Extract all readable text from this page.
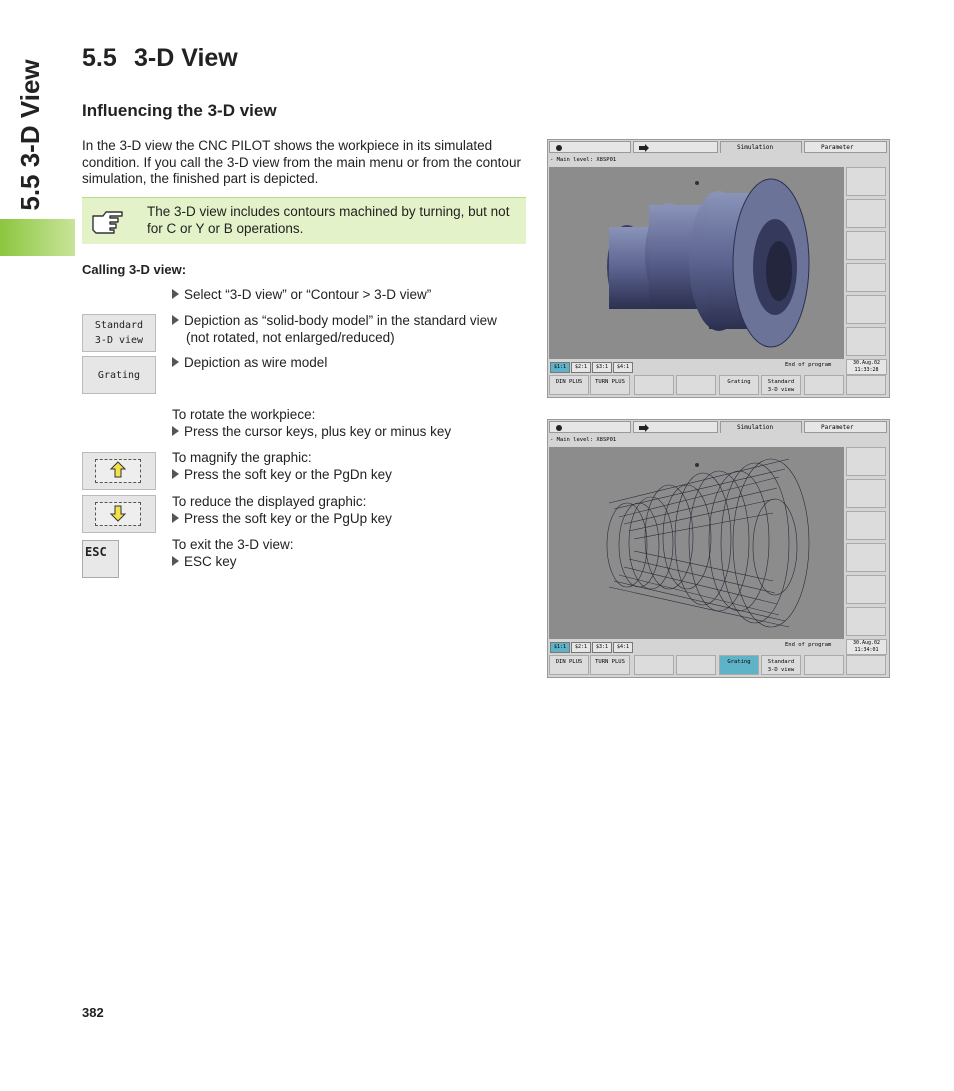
5.5 3-D View
5.5 3-D View
Influencing the 3-D view
In the 3-D view the CNC PILOT shows the workpiece in its simulated condition. If you call the 3-D view from the main menu or from the contour simulation, the finished part is depicted.
The 3-D view includes contours machined by turning, but not for C or Y or B operations.
Calling 3-D view:
Select “3-D view” or “Contour > 3-D view”
Standard
3-D view
Depiction as “solid-body model” in the standard view
(not rotated, not enlarged/reduced)
Grating
Depiction as wire model
To rotate the workpiece:
Press the cursor keys, plus key or minus key
To magnify the graphic:
Press the soft key or the PgDn key
To reduce the displayed graphic:
Press the soft key or the PgUp key
ESC	To exit the 3-D view:
ESC key
Simulation	Parameter
- Main level: X8SP01
$1:1	$2:1	$3:1	$4:1	End of program	30.Aug.02
11:33:28
DIN PLUS	TURN PLUS	Grating	Standard
3-D view
Simulation	Parameter
- Main level: X8SP01
$1:1	$2:1	$3:1	$4:1	End of program	30.Aug.02
11:34:01
DIN PLUS	TURN PLUS	Grating	Standard
3-D view
382
